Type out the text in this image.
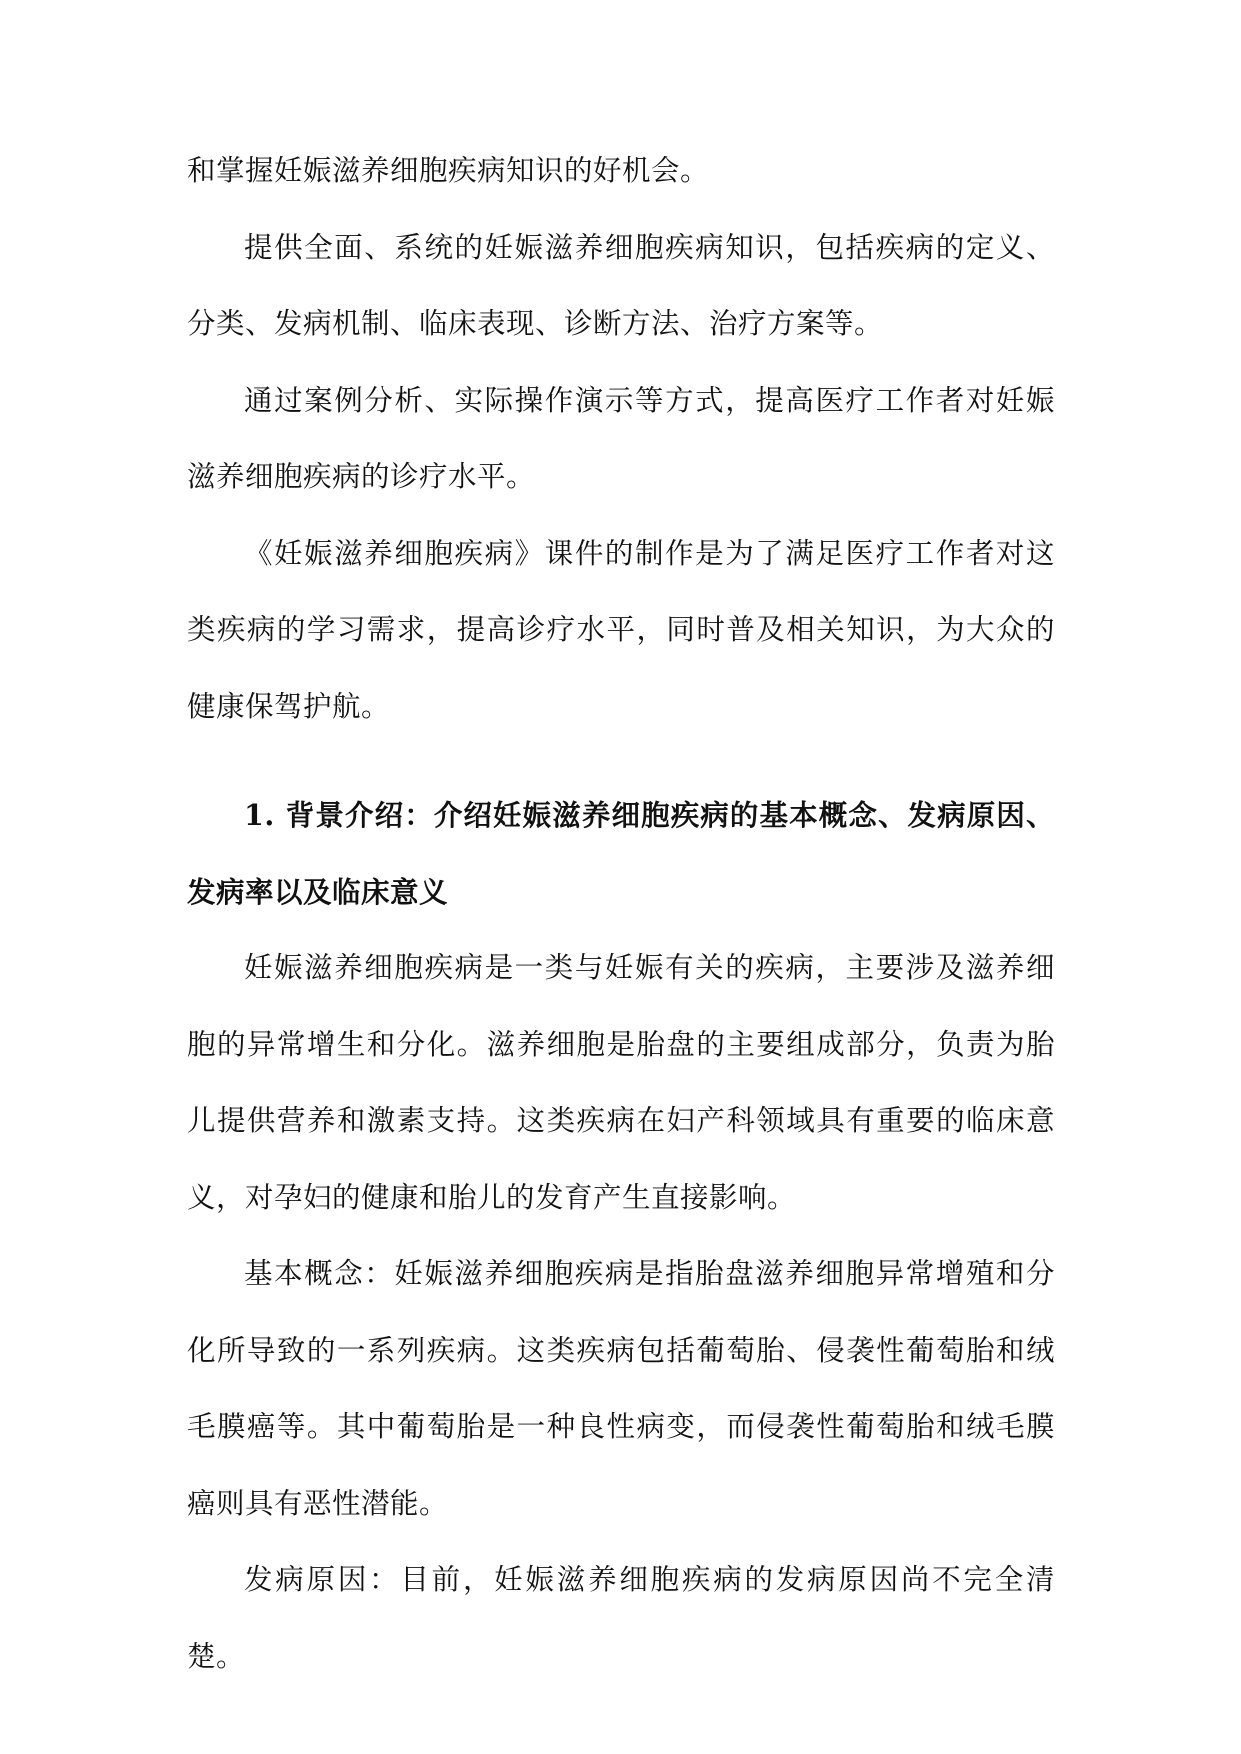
和掌握妊娠滋养细胞疾病知识的好机会。

提供全面、系统的妊娠滋养细胞疾病知识，包括疾病的定义、分类、发病机制、临床表现、诊断方法、治疗方案等。

通过案例分析、实际操作演示等方式，提高医疗工作者对妊娠滋养细胞疾病的诊疗水平。

《妊娠滋养细胞疾病》课件的制作是为了满足医疗工作者对这类疾病的学习需求，提高诊疗水平，同时普及相关知识，为大众的健康保驾护航。

1. 背景介绍：介绍妊娠滋养细胞疾病的基本概念、发病原因、发病率以及临床意义

妊娠滋养细胞疾病是一类与妊娠有关的疾病，主要涉及滋养细胞的异常增生和分化。滋养细胞是胎盘的主要组成部分，负责为胎儿提供营养和激素支持。这类疾病在妇产科领域具有重要的临床意义，对孕妇的健康和胎儿的发育产生直接影响。

基本概念：妊娠滋养细胞疾病是指胎盘滋养细胞异常增殖和分化所导致的一系列疾病。这类疾病包括葡萄胎、侵袭性葡萄胎和绒毛膜癌等。其中葡萄胎是一种良性病变，而侵袭性葡萄胎和绒毛膜癌则具有恶性潜能。

发病原因：目前，妊娠滋养细胞疾病的发病原因尚不完全清楚。
